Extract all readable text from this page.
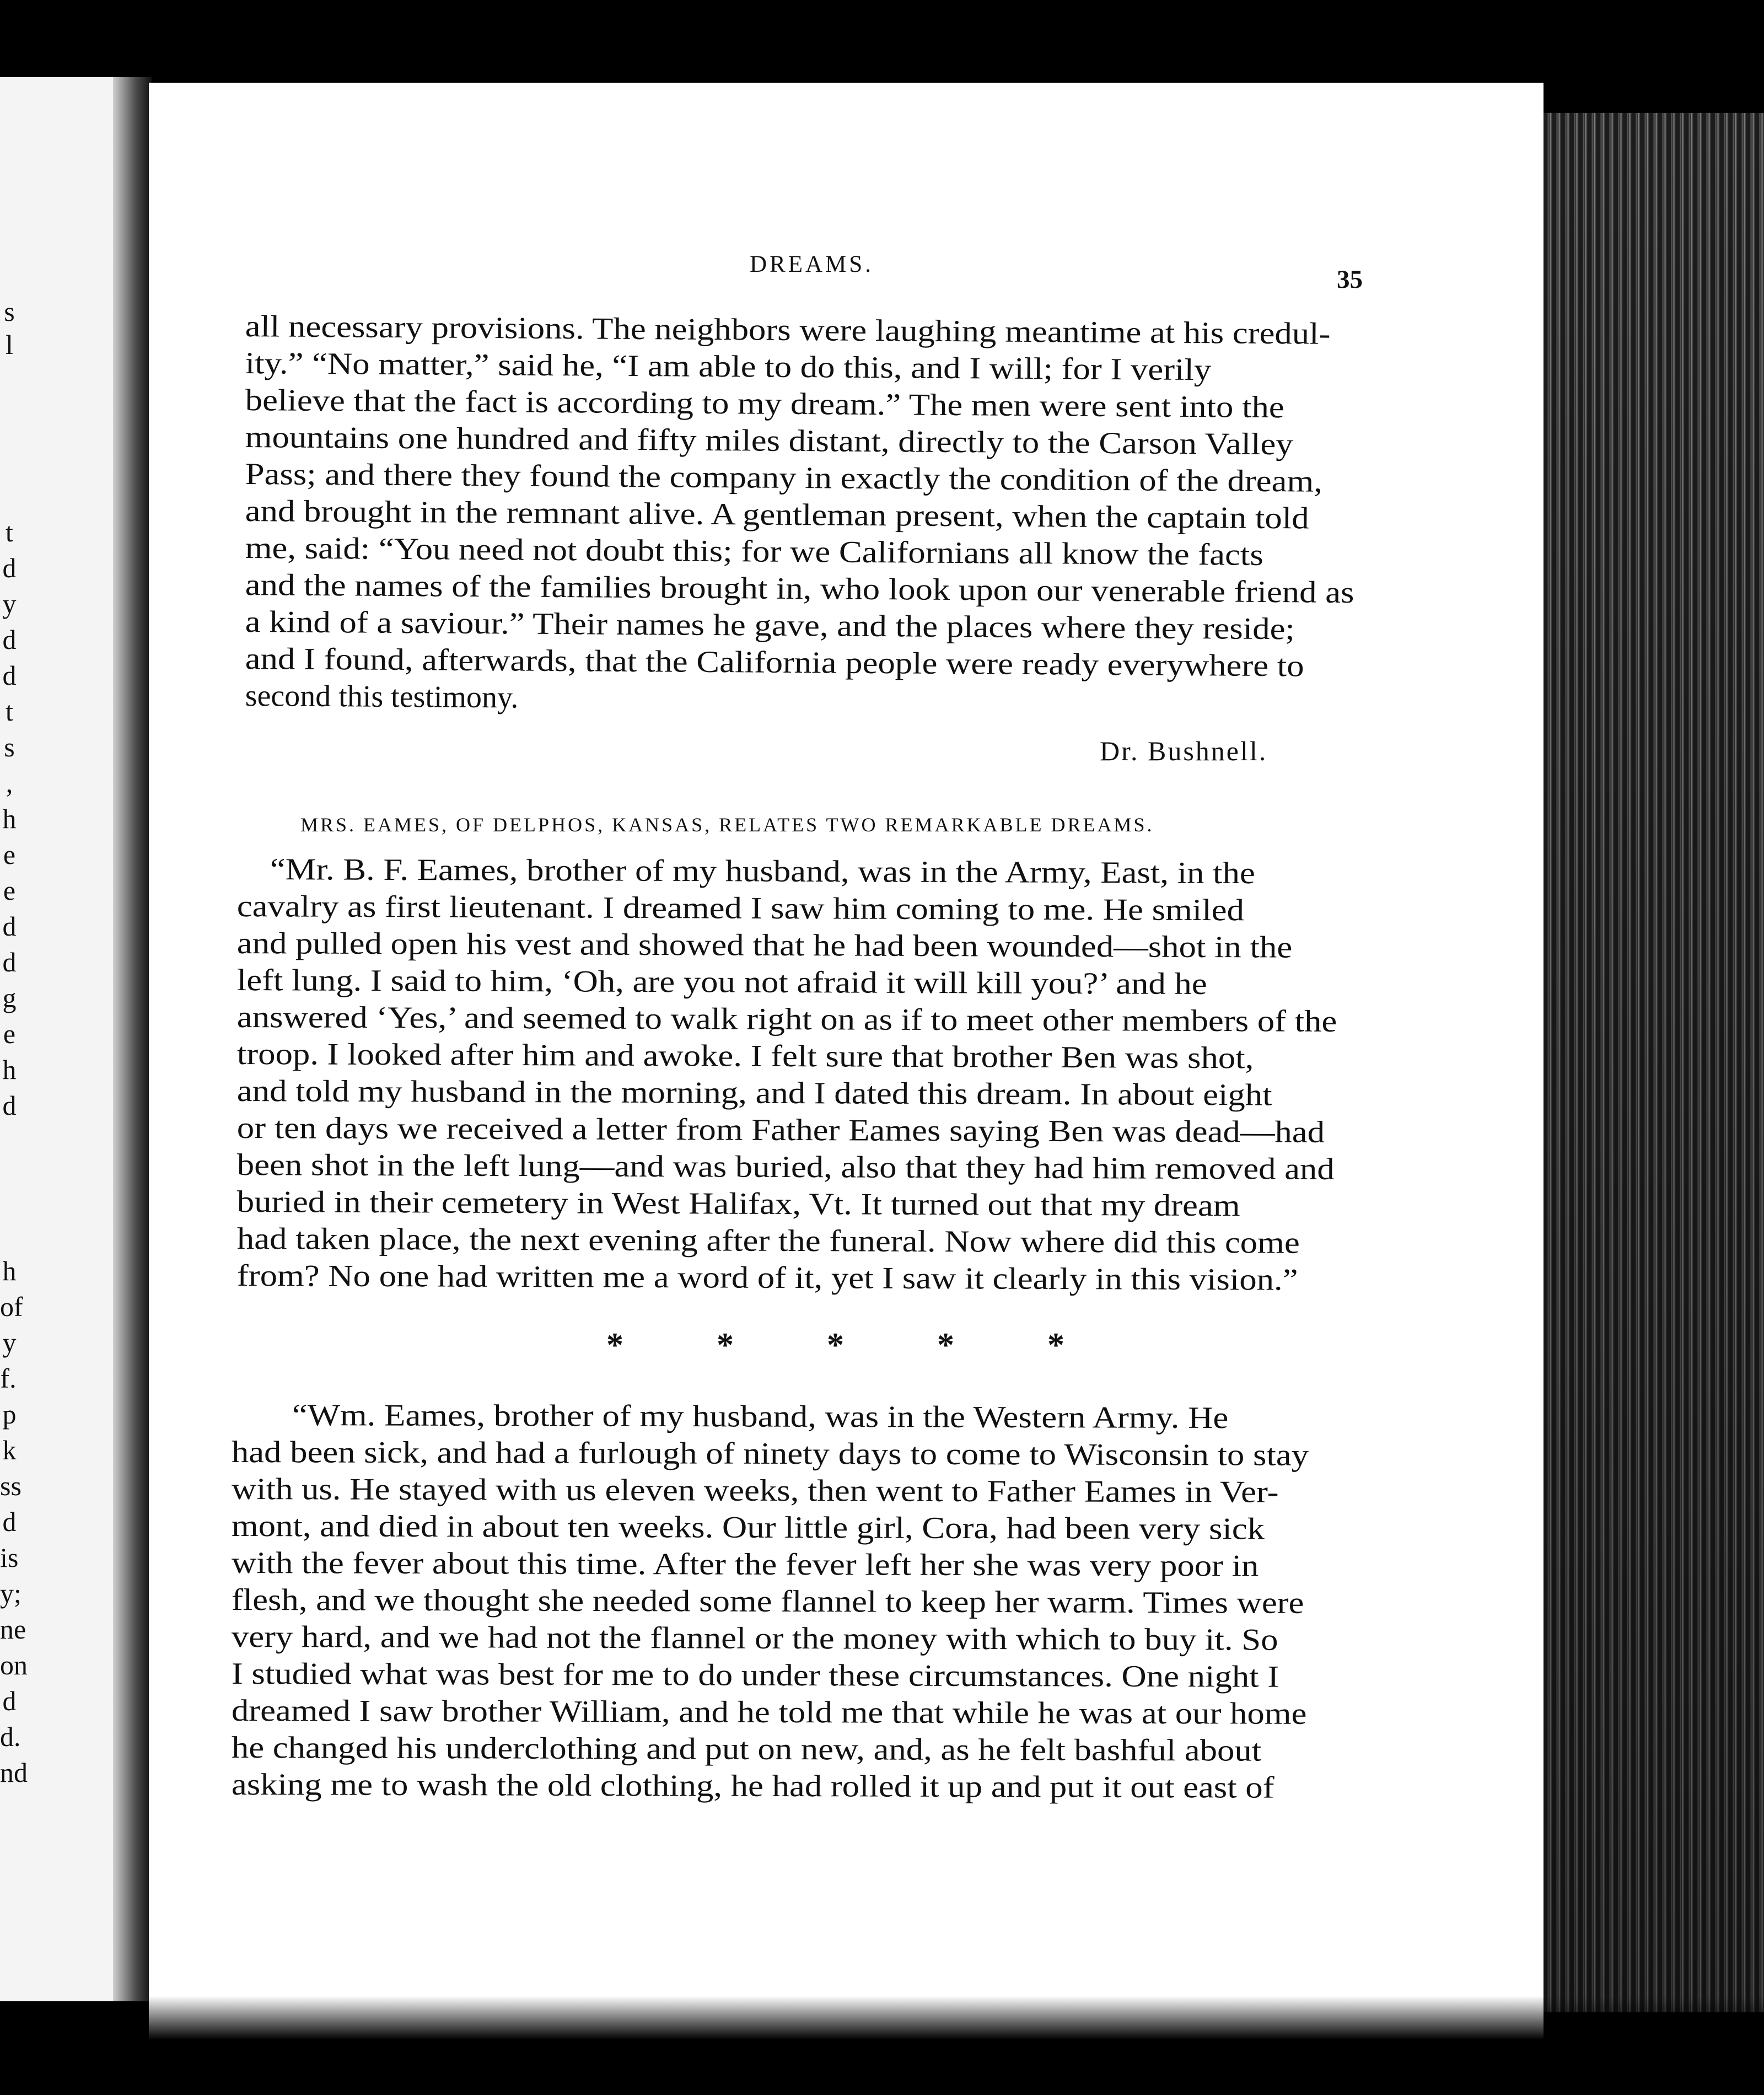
s
l
t
d
y
d
d
t
s
,
h
e
e
d
d
g
e
h
d
h
of
y
f.
p
k
ss
d
is
y;
ne
on
d
d.
nd
DREAMS.
35
all necessary provisions. The neighbors were laughing meantime at his credul-
ity.” “No matter,” said he, “I am able to do this, and I will; for I verily
believe that the fact is according to my dream.” The men were sent into the
mountains one hundred and fifty miles distant, directly to the Carson Valley
Pass; and there they found the company in exactly the condition of the dream,
and brought in the remnant alive. A gentleman present, when the captain told
me, said: “You need not doubt this; for we Californians all know the facts
and the names of the families brought in, who look upon our venerable friend as
a kind of a saviour.” Their names he gave, and the places where they reside;
and I found, afterwards, that the California people were ready everywhere to
second this testimony.
Dr. Bushnell.
MRS. EAMES, OF DELPHOS, KANSAS, RELATES TWO REMARKABLE DREAMS.
“Mr. B. F. Eames, brother of my husband, was in the Army, East, in the
cavalry as first lieutenant. I dreamed I saw him coming to me. He smiled
and pulled open his vest and showed that he had been wounded—shot in the
left lung. I said to him, ‘Oh, are you not afraid it will kill you?’ and he
answered ‘Yes,’ and seemed to walk right on as if to meet other members of the
troop. I looked after him and awoke. I felt sure that brother Ben was shot,
and told my husband in the morning, and I dated this dream. In about eight
or ten days we received a letter from Father Eames saying Ben was dead—had
been shot in the left lung—and was buried, also that they had him removed and
buried in their cemetery in West Halifax, Vt. It turned out that my dream
had taken place, the next evening after the funeral. Now where did this come
from? No one had written me a word of it, yet I saw it clearly in this vision.”
*	*	*	*	*
“Wm. Eames, brother of my husband, was in the Western Army. He
had been sick, and had a furlough of ninety days to come to Wisconsin to stay
with us. He stayed with us eleven weeks, then went to Father Eames in Ver-
mont, and died in about ten weeks. Our little girl, Cora, had been very sick
with the fever about this time. After the fever left her she was very poor in
flesh, and we thought she needed some flannel to keep her warm. Times were
very hard, and we had not the flannel or the money with which to buy it. So
I studied what was best for me to do under these circumstances. One night I
dreamed I saw brother William, and he told me that while he was at our home
he changed his underclothing and put on new, and, as he felt bashful about
asking me to wash the old clothing, he had rolled it up and put it out east of
